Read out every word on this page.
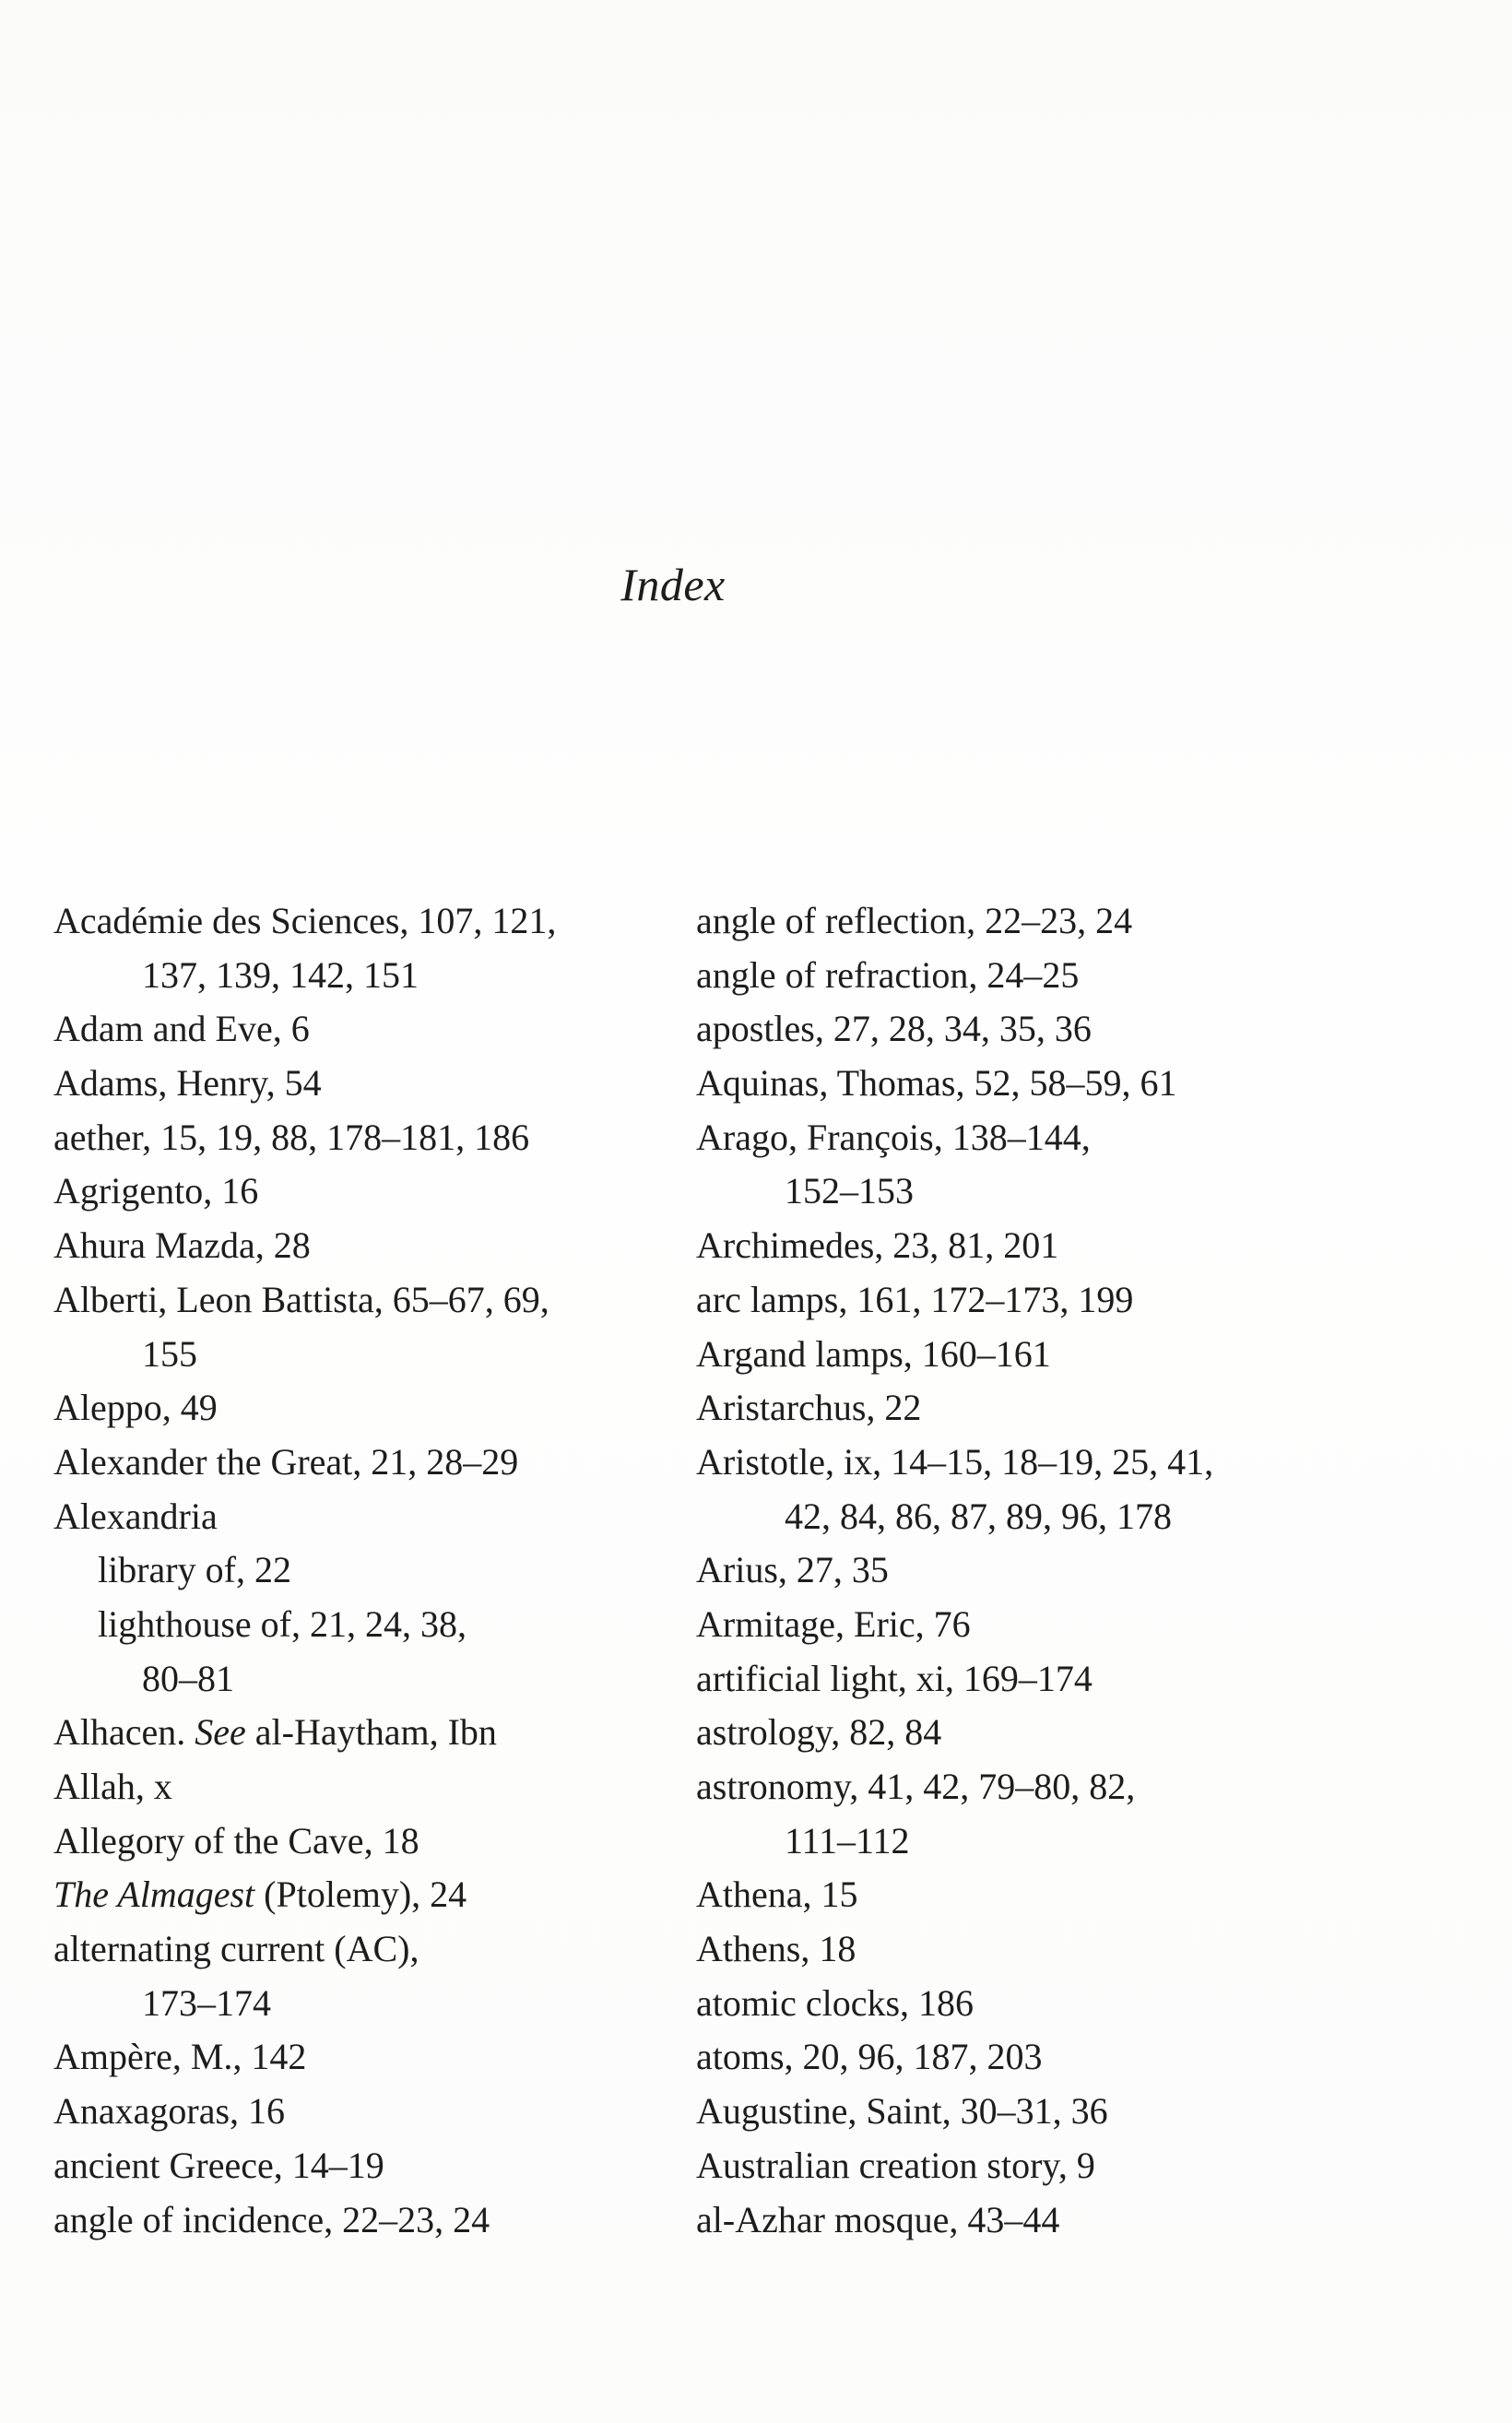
Index
Académie des Sciences, 107, 121,
137, 139, 142, 151
Adam and Eve, 6
Adams, Henry, 54
aether, 15, 19, 88, 178–181, 186
Agrigento, 16
Ahura Mazda, 28
Alberti, Leon Battista, 65–67, 69,
155
Aleppo, 49
Alexander the Great, 21, 28–29
Alexandria
library of, 22
lighthouse of, 21, 24, 38,
80–81
Alhacen. See al-Haytham, Ibn
Allah, x
Allegory of the Cave, 18
The Almagest (Ptolemy), 24
alternating current (AC),
173–174
Ampère, M., 142
Anaxagoras, 16
ancient Greece, 14–19
angle of incidence, 22–23, 24
angle of reflection, 22–23, 24
angle of refraction, 24–25
apostles, 27, 28, 34, 35, 36
Aquinas, Thomas, 52, 58–59, 61
Arago, François, 138–144,
152–153
Archimedes, 23, 81, 201
arc lamps, 161, 172–173, 199
Argand lamps, 160–161
Aristarchus, 22
Aristotle, ix, 14–15, 18–19, 25, 41,
42, 84, 86, 87, 89, 96, 178
Arius, 27, 35
Armitage, Eric, 76
artificial light, xi, 169–174
astrology, 82, 84
astronomy, 41, 42, 79–80, 82,
111–112
Athena, 15
Athens, 18
atomic clocks, 186
atoms, 20, 96, 187, 203
Augustine, Saint, 30–31, 36
Australian creation story, 9
al-Azhar mosque, 43–44
